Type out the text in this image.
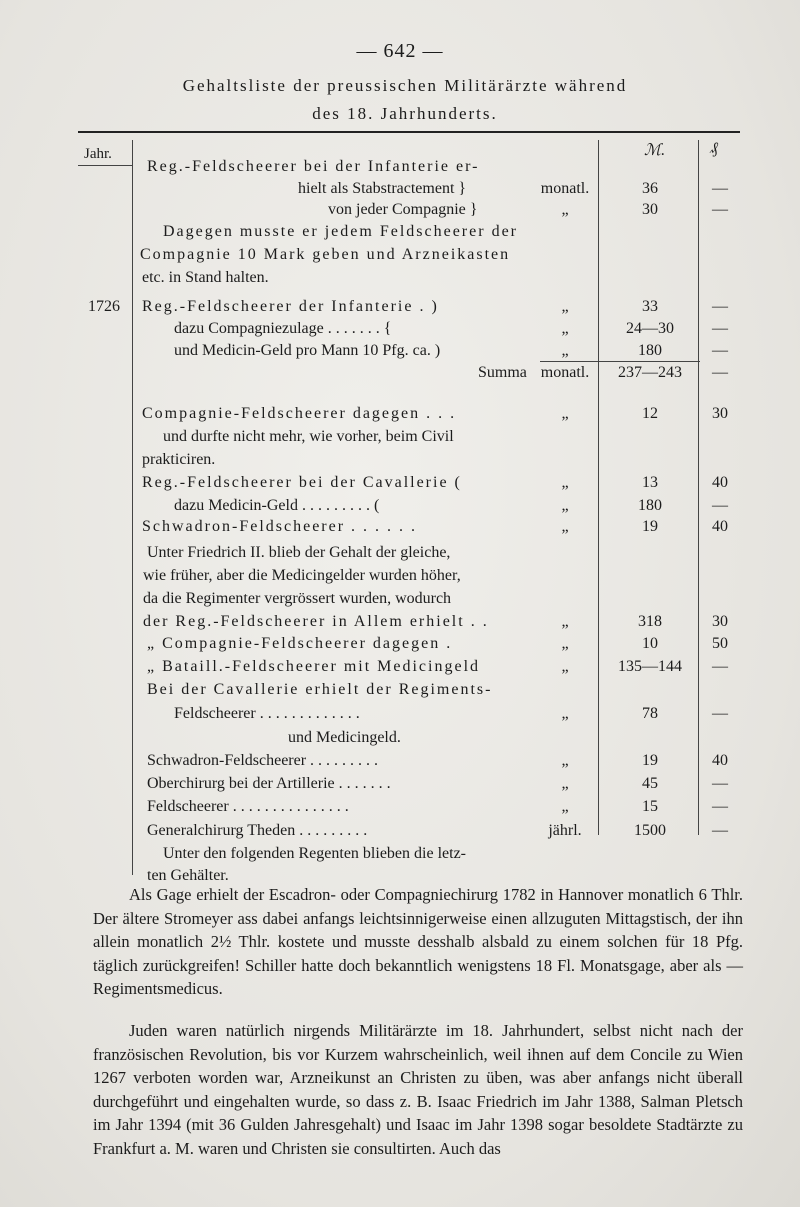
— 642 —
Gehaltsliste der preussischen Militärärzte während
des 18. Jahrhunderts.
Jahr.	ℳ.	₰
Reg.-Feldscheerer bei der Infanterie er-
hielt als Stabstractement }	monatl.	36	—
von jeder Compagnie }	„	30	—
Dagegen musste er jedem Feldscheerer der
Compagnie 10 Mark geben und Arzneikasten
etc. in Stand halten.
1726 Reg.-Feldscheerer der Infanterie . )	„	33	—
dazu Compagniezulage . . . . . . . {	„	24—30	—
und Medicin-Geld pro Mann 10 Pfg. ca. )	„	180	—
Summa monatl.	237—243	—
Compagnie-Feldscheerer dagegen . . .	„	12	30
und durfte nicht mehr, wie vorher, beim Civil
prakticiren.
Reg.-Feldscheerer bei der Cavallerie (	„	13	40
dazu Medicin-Geld . . . . . . . . . (	„	180	—
Schwadron-Feldscheerer . . . . . .	„	19	40
Unter Friedrich II. blieb der Gehalt der gleiche,
wie früher, aber die Medicingelder wurden höher,
da die Regimenter vergrössert wurden, wodurch
der Reg.-Feldscheerer in Allem erhielt . .	„	318	30
„ Compagnie-Feldscheerer dagegen .	„	10	50
„ Bataill.-Feldscheerer mit Medicingeld	„	135—144	—
Bei der Cavallerie erhielt der Regiments-
Feldscheerer . . . . . . . . . . . . .	„	78	—
und Medicingeld.
Schwadron-Feldscheerer . . . . . . . . .	„	19	40
Oberchirurg bei der Artillerie . . . . . . .	„	45	—
Feldscheerer . . . . . . . . . . . . . . .	„	15	—
Generalchirurg Theden . . . . . . . . .	jährl.	1500	—
Unter den folgenden Regenten blieben die letz-
ten Gehälter.

Als Gage erhielt der Escadron- oder Compagniechirurg 1782 in Hannover monatlich 6 Thlr. Der ältere Stromeyer ass dabei anfangs leichtsinnigerweise einen allzuguten Mittagstisch, der ihn allein monatlich 2½ Thlr. kostete und musste desshalb alsbald zu einem solchen für 18 Pfg. täglich zurückgreifen! Schiller hatte doch bekanntlich wenigstens 18 Fl. Monatsgage, aber als — Regimentsmedicus.

Juden waren natürlich nirgends Militärärzte im 18. Jahrhundert, selbst nicht nach der französischen Revolution, bis vor Kurzem wahrscheinlich, weil ihnen auf dem Concile zu Wien 1267 verboten worden war, Arzneikunst an Christen zu üben, was aber anfangs nicht überall durchgeführt und eingehalten wurde, so dass z. B. Isaac Friedrich im Jahr 1388, Salman Pletsch im Jahr 1394 (mit 36 Gulden Jahresgehalt) und Isaac im Jahr 1398 sogar besoldete Stadtärzte zu Frankfurt a. M. waren und Christen sie consultirten. Auch das
